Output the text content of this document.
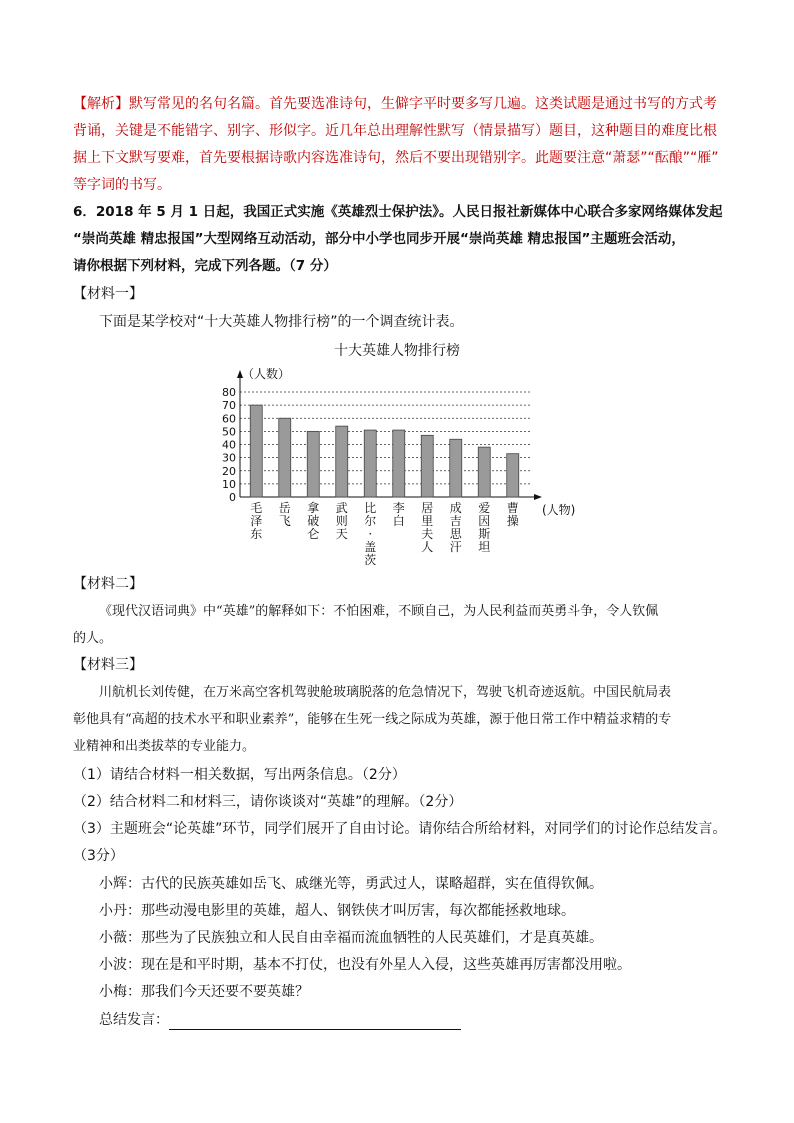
【解析】默写常见的名句名篇。首先要选准诗句，生僻字平时要多写几遍。这类试题是通过书写的方式考
背诵，关键是不能错字、别字、形似字。近几年总出理解性默写（情景描写）题目，这种题目的难度比根
据上下文默写要难，首先要根据诗歌内容选准诗句，然后不要出现错别字。此题要注意“萧瑟”“酝酿”“雁”
等字词的书写。
6．2018 年 5 月 1 日起，我国正式实施《英雄烈士保护法》。人民日报社新媒体中心联合多家网络媒体发起
“崇尚英雄 精忠报国”大型网络互动活动，部分中小学也同步开展“崇尚英雄 精忠报国”主题班会活动，
请你根据下列材料，完成下列各题。（7 分）
【材料一】
下面是某学校对“十大英雄人物排行榜”的一个调查统计表。
十大英雄人物排行榜
0
10
20
30
40
50
60
70
80
（人数）
(人物)
毛
泽
东
岳
飞
拿
破
仑
武
则
天
比
尔
·
盖
茨
李
白
居
里
夫
人
成
吉
思
汗
爱
因
斯
坦
曹
操
【材料二】
《现代汉语词典》中“英雄”的解释如下：不怕困难，不顾自己，为人民利益而英勇斗争，令人钦佩
的人。
【材料三】
川航机长刘传健，在万米高空客机驾驶舱玻璃脱落的危急情况下，驾驶飞机奇迹返航。中国民航局表
彰他具有“高超的技术水平和职业素养”，能够在生死一线之际成为英雄，源于他日常工作中精益求精的专
业精神和出类拔萃的专业能力。
（1）请结合材料一相关数据，写出两条信息。（2分）
（2）结合材料二和材料三，请你谈谈对“英雄”的理解。（2分）
（3）主题班会“论英雄”环节，同学们展开了自由讨论。请你结合所给材料，对同学们的讨论作总结发言。
（3分）
小辉：古代的民族英雄如岳飞、戚继光等，勇武过人，谋略超群，实在值得钦佩。
小丹：那些动漫电影里的英雄，超人、钢铁侠才叫厉害，每次都能拯救地球。
小薇：那些为了民族独立和人民自由幸福而流血牺牲的人民英雄们，才是真英雄。
小波：现在是和平时期，基本不打仗，也没有外星人入侵，这些英雄再厉害都没用啦。
小梅：那我们今天还要不要英雄？
总结发言：
